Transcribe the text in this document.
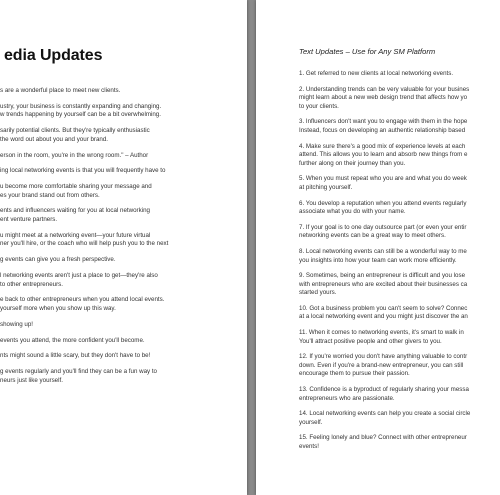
edia Updates
s are a wonderful place to meet new clients.
ustry, your business is constantly expanding and changing.
w trends happening by yourself can be a bit overwhelming.
sarily potential clients. But they're typically enthusiastic
the word out about you and your brand.
erson in the room, you're in the wrong room." – Author
ing local networking events is that you will frequently have to
u become more comfortable sharing your message and
es your brand stand out from others.
ents and influencers waiting for you at local networking
ent venture partners.
u might meet at a networking event—your future virtual
ner you'll hire, or the coach who will help push you to the next
g events can give you a fresh perspective.
l networking events aren't just a place to get—they're also
to other entrepreneurs.
e back to other entrepreneurs when you attend local events.
yourself more when you show up this way.
showing up!
events you attend, the more confident you'll become.
nts might sound a little scary, but they don't have to be!
g events regularly and you'll find they can be a fun way to
neurs just like yourself.
Text Updates – Use for Any SM Platform
1. Get referred to new clients at local networking events.
2. Understanding trends can be very valuable for your busines
might learn about a new web design trend that affects how yo
to your clients.
3. Influencers don't want you to engage with them in the hope
Instead, focus on developing an authentic relationship based
4. Make sure there's a good mix of experience levels at each
attend. This allows you to learn and absorb new things from e
further along on their journey than you.
5. When you must repeat who you are and what you do week
at pitching yourself.
6. You develop a reputation when you attend events regularly
associate what you do with your name.
7. If your goal is to one day outsource part (or even your entir
networking events can be a great way to meet others.
8. Local networking events can still be a wonderful way to me
you insights into how your team can work more efficiently.
9. Sometimes, being an entrepreneur is difficult and you lose
with entrepreneurs who are excited about their businesses ca
started yours.
10. Got a business problem you can't seem to solve? Connec
at a local networking event and you might just discover the an
11. When it comes to networking events, it's smart to walk in
You'll attract positive people and other givers to you.
12. If you're worried you don't have anything valuable to contr
down. Even if you're a brand-new entrepreneur, you can still
encourage them to pursue their passion.
13. Confidence is a byproduct of regularly sharing your messa
entrepreneurs who are passionate.
14. Local networking events can help you create a social circle
yourself.
15. Feeling lonely and blue? Connect with other entrepreneur
events!
